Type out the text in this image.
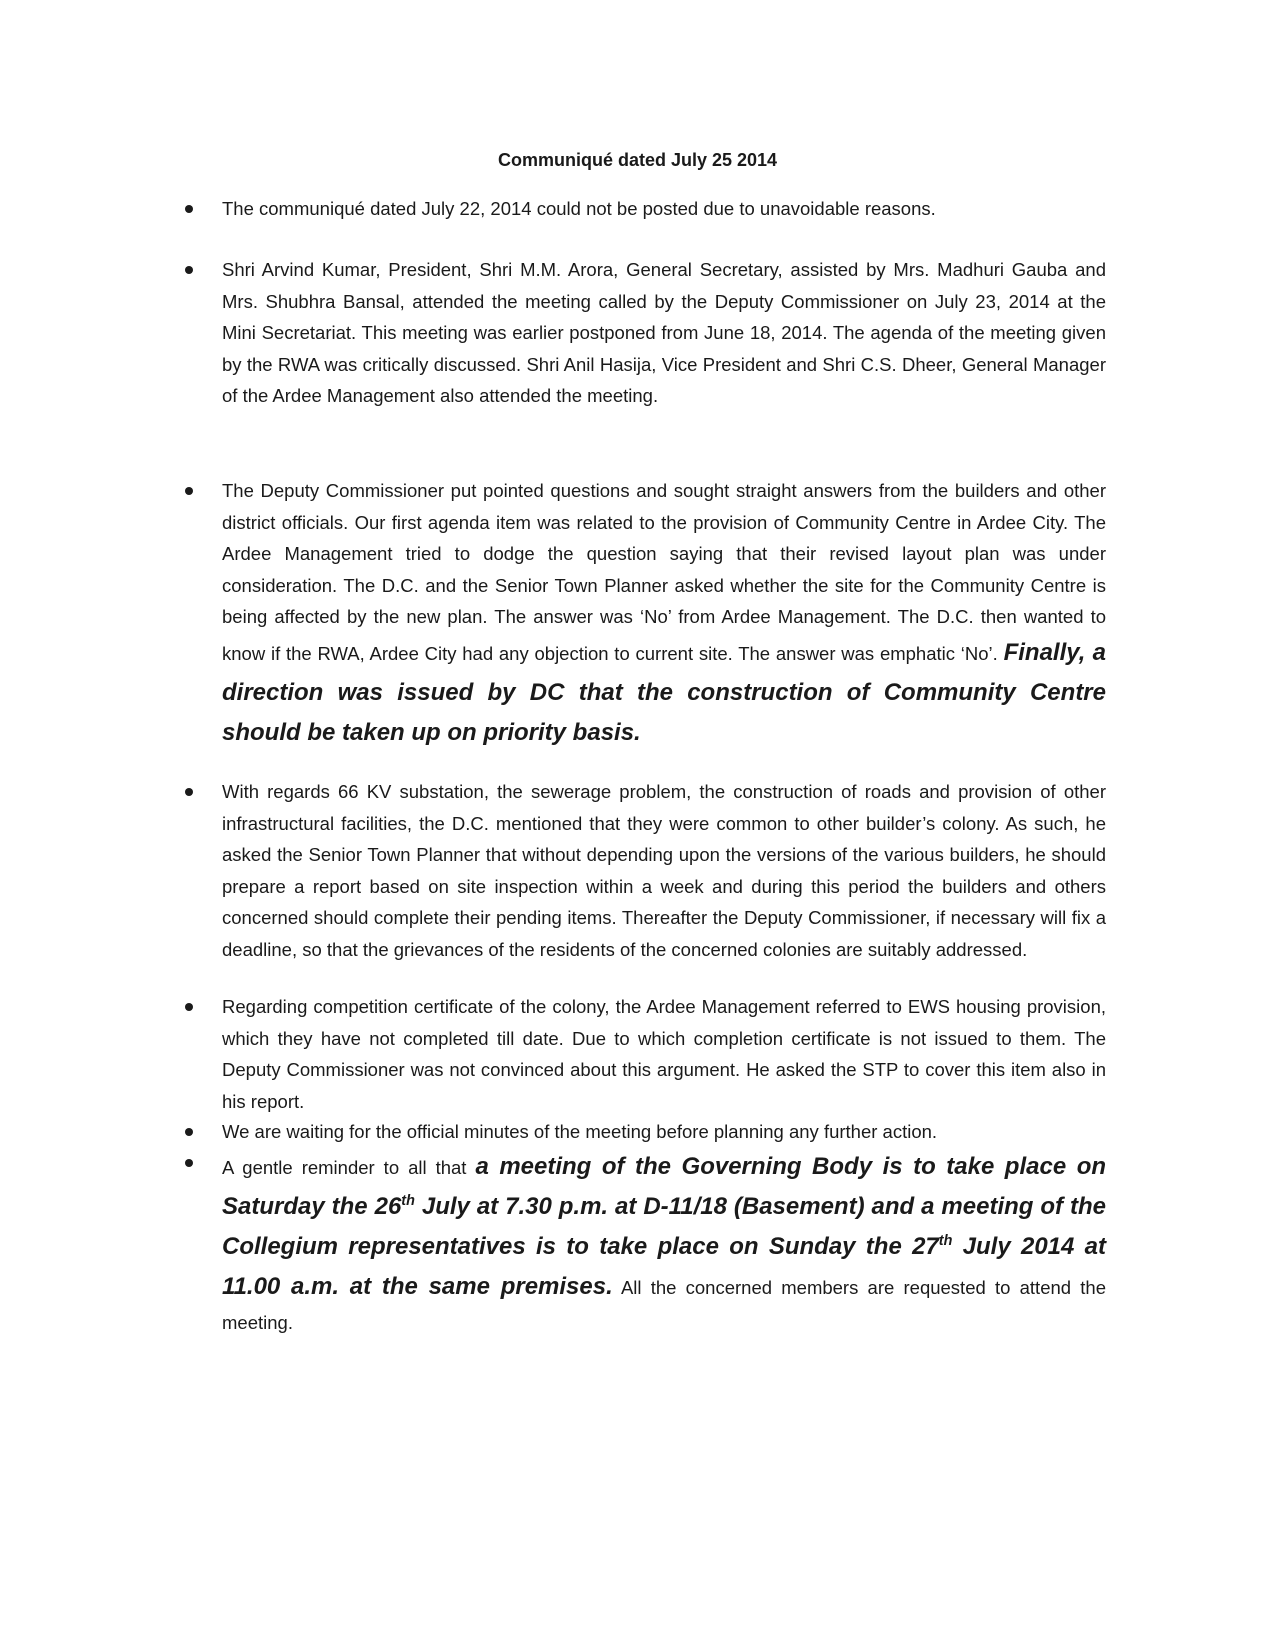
Communiqué dated July 25 2014
The communiqué dated July 22, 2014 could not be posted due to unavoidable reasons.
Shri Arvind Kumar, President, Shri M.M. Arora, General Secretary, assisted by Mrs. Madhuri Gauba and Mrs. Shubhra Bansal, attended the meeting called by the Deputy Commissioner on July 23, 2014 at the Mini Secretariat. This meeting was earlier postponed from June 18, 2014. The agenda of the meeting given by the RWA was critically discussed. Shri Anil Hasija, Vice President and Shri C.S. Dheer, General Manager of the Ardee Management also attended the meeting.
The Deputy Commissioner put pointed questions and sought straight answers from the builders and other district officials. Our first agenda item was related to the provision of Community Centre in Ardee City. The Ardee Management tried to dodge the question saying that their revised layout plan was under consideration. The D.C. and the Senior Town Planner asked whether the site for the Community Centre is being affected by the new plan. The answer was ‘No’ from Ardee Management. The D.C. then wanted to know if the RWA, Ardee City had any objection to current site. The answer was emphatic ‘No’. Finally, a direction was issued by DC that the construction of Community Centre should be taken up on priority basis.
With regards 66 KV substation, the sewerage problem, the construction of roads and provision of other infrastructural facilities, the D.C. mentioned that they were common to other builder’s colony. As such, he asked the Senior Town Planner that without depending upon the versions of the various builders, he should prepare a report based on site inspection within a week and during this period the builders and others concerned should complete their pending items. Thereafter the Deputy Commissioner, if necessary will fix a deadline, so that the grievances of the residents of the concerned colonies are suitably addressed.
Regarding competition certificate of the colony, the Ardee Management referred to EWS housing provision, which they have not completed till date. Due to which completion certificate is not issued to them. The Deputy Commissioner was not convinced about this argument. He asked the STP to cover this item also in his report.
We are waiting for the official minutes of the meeting before planning any further action.
A gentle reminder to all that a meeting of the Governing Body is to take place on Saturday the 26th July at 7.30 p.m. at D-11/18 (Basement) and a meeting of the Collegium representatives is to take place on Sunday the 27th July 2014 at 11.00 a.m. at the same premises. All the concerned members are requested to attend the meeting.
